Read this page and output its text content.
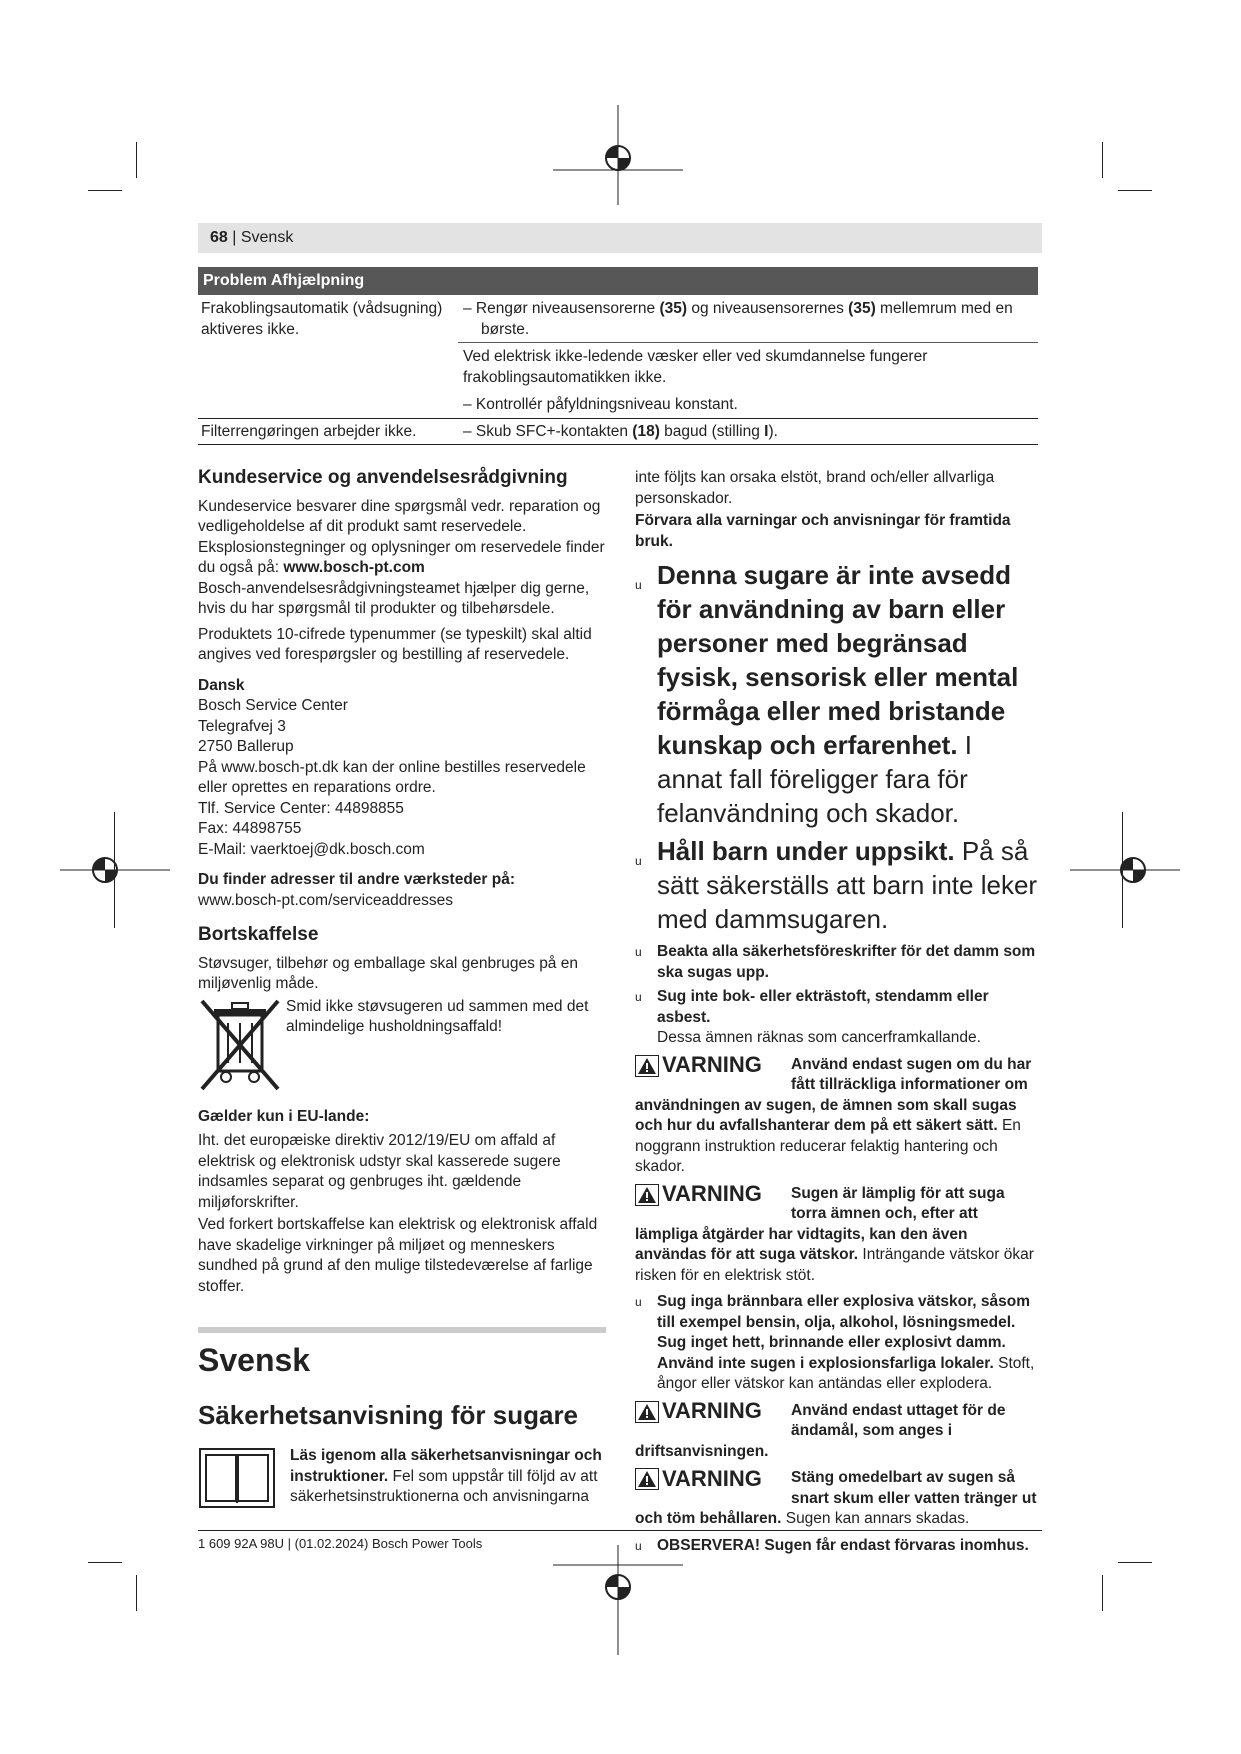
68 | Svensk
Problem Afhjælpning
Frakoblingsautomatik (vådsugning) aktiveres ikke.
– Rengør niveausensorerne (35) og niveausensorernes (35) mellemrum med en børste.
Ved elektrisk ikke-ledende væsker eller ved skumdannelse fungerer frakoblingsautomatikken ikke.
– Kontrollér påfyldningsniveau konstant.
Filterrengøringen arbejder ikke.	– Skub SFC+-kontakten (18) bagud (stilling I).
Kundeservice og anvendelsesrådgivning

Kundeservice besvarer dine spørgsmål vedr. reparation og vedligeholdelse af dit produkt samt reservedele. Eksplosionstegninger og oplysninger om reservedele finder du også på: www.bosch-pt.com

Bosch-anvendelsesrådgivningsteamet hjælper dig gerne, hvis du har spørgsmål til produkter og tilbehørsdele.

Produktets 10-cifrede typenummer (se typeskilt) skal altid angives ved forespørgsler og bestilling af reservedele.

Dansk
Bosch Service Center
Telegrafvej 3
2750 Ballerup
På www.bosch-pt.dk kan der online bestilles reservedele eller oprettes en reparations ordre.
Tlf. Service Center: 44898855
Fax: 44898755
E-Mail: vaerktoej@dk.bosch.com
Du finder adresser til andre værksteder på:
www.bosch-pt.com/serviceaddresses
Bortskaffelse

Støvsuger, tilbehør og emballage skal genbruges på en miljøvenlig måde.

Smid ikke støvsugeren ud sammen med det almindelige husholdningsaffald!
Gælder kun i EU-lande:

Iht. det europæiske direktiv 2012/19/EU om affald af elektrisk og elektronisk udstyr skal kasserede sugere indsamles separat og genbruges iht. gældende miljøforskrifter.

Ved forkert bortskaffelse kan elektrisk og elektronisk affald have skadelige virkninger på miljøet og menneskers sundhed på grund af den mulige tilstedeværelse af farlige stoffer.

Svensk
Säkerhetsanvisning för sugare
Läs igenom alla säkerhetsanvisningar och instruktioner. Fel som uppstår till följd av att säkerhetsinstruktionerna och anvisningarna

inte följts kan orsaka elstöt, brand och/eller allvarliga personskador.

Förvara alla varningar och anvisningar för framtida bruk.

u Denna sugare är inte avsedd för användning av barn eller personer med begränsad fysisk, sensorisk eller mental förmåga eller med bristande kunskap och erfarenhet. I annat fall föreligger fara för felanvändning och skador.
u Håll barn under uppsikt. På så sätt säkerställs att barn inte leker med dammsugaren.
u Beakta alla säkerhetsföreskrifter för det damm som ska sugas upp.
u Sug inte bok- eller ekträstoft, stendamm eller asbest.
Dessa ämnen räknas som cancerframkallande.
VARNING Använd endast sugen om du har fått tillräckliga informationer om användningen av sugen, de ämnen som skall sugas och hur du avfallshanterar dem på ett säkert sätt. En noggrann instruktion reducerar felaktig hantering och skador.
VARNING Sugen är lämplig för att suga torra ämnen och, efter att lämpliga åtgärder har vidtagits, kan den även användas för att suga vätskor. Inträngande vätskor ökar risken för en elektrisk stöt.
u Sug inga brännbara eller explosiva vätskor, såsom till exempel bensin, olja, alkohol, lösningsmedel. Sug inget hett, brinnande eller explosivt damm. Använd inte sugen i explosionsfarliga lokaler. Stoft, ångor eller vätskor kan antändas eller explodera.
VARNING Använd endast uttaget för de ändamål, som anges i driftsanvisningen.
VARNING Stäng omedelbart av sugen så snart skum eller vatten tränger ut och töm behållaren. Sugen kan annars skadas.
u OBSERVERA! Sugen får endast förvaras inomhus.
1 609 92A 98U | (01.02.2024) Bosch Power Tools
